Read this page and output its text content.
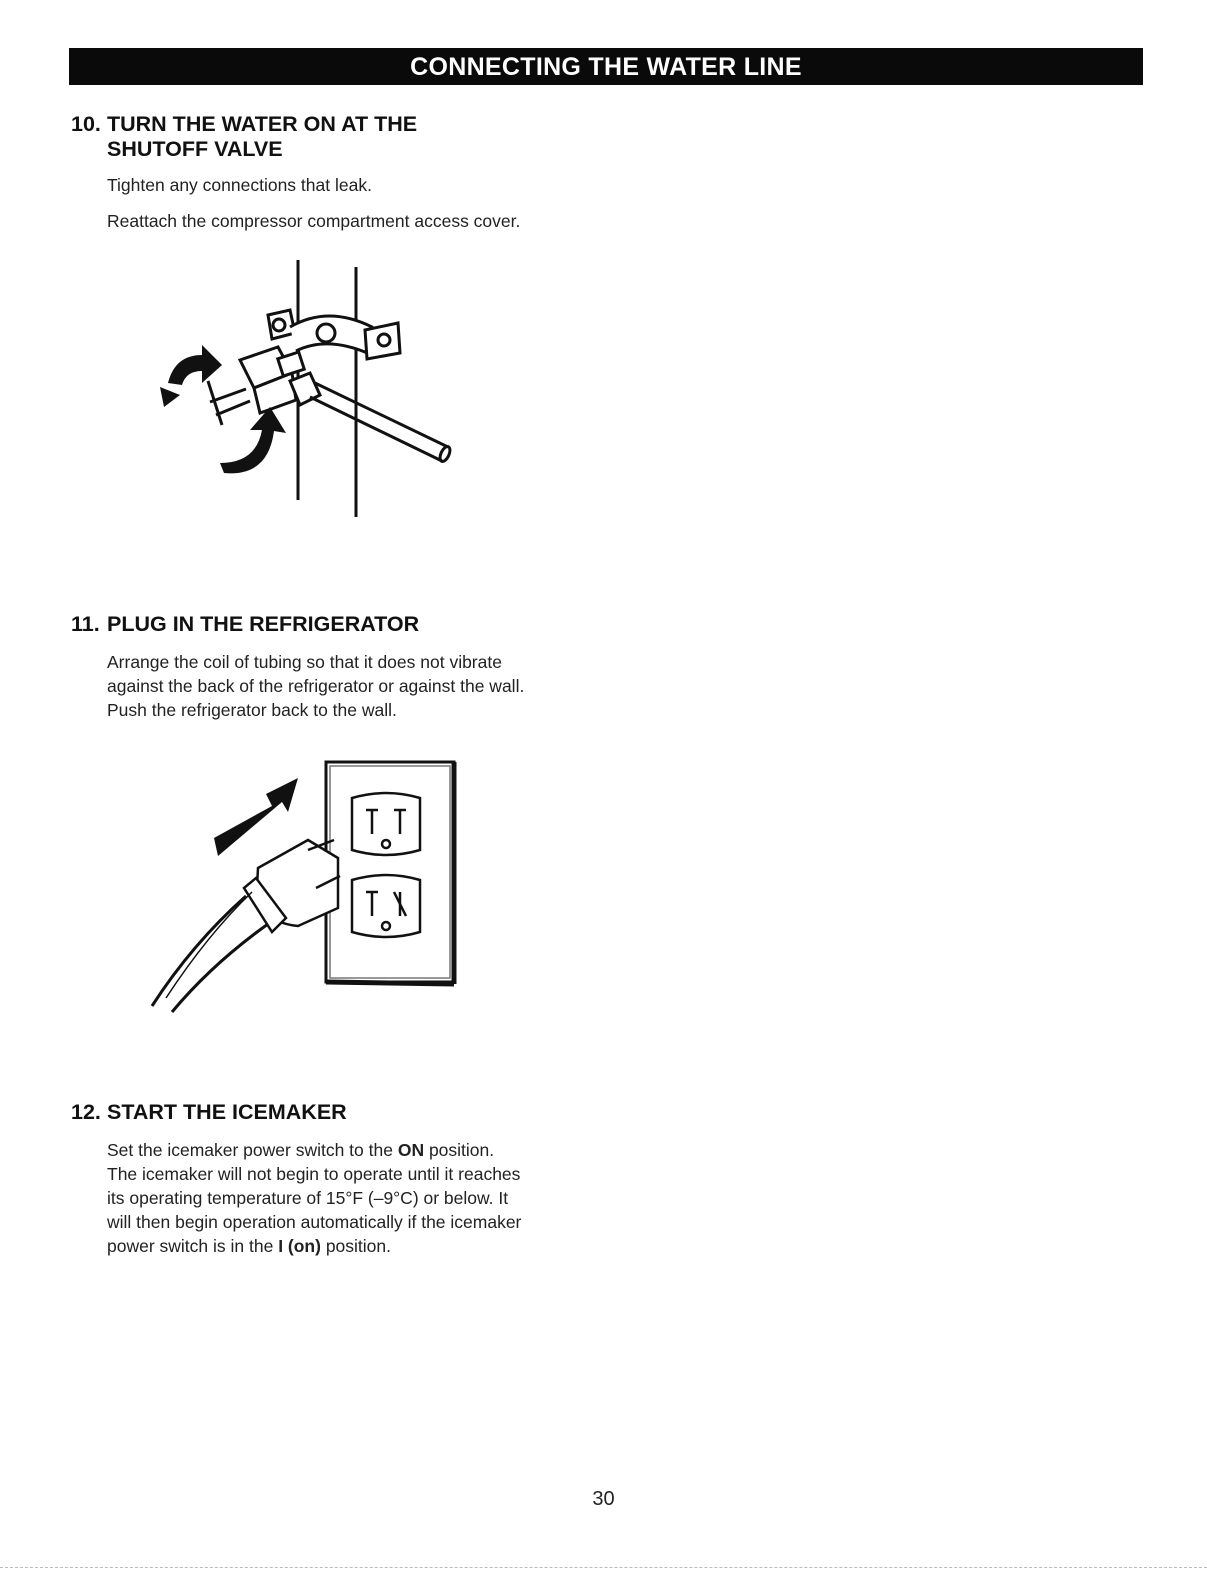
CONNECTING THE WATER LINE
10. TURN THE WATER ON AT THE
SHUTOFF VALVE

Tighten any connections that leak.

Reattach the compressor compartment access cover.

11. PLUG IN THE REFRIGERATOR

Arrange the coil of tubing so that it does not vibrate

against the back of the refrigerator or against the wall.

Push the refrigerator back to the wall.

12. START THE ICEMAKER

Set the icemaker power switch to the ON position.

The icemaker will not begin to operate until it reaches

its operating temperature of 15°F (–9°C) or below. It

will then begin operation automatically if the icemaker

power switch is in the I (on) position.

30
